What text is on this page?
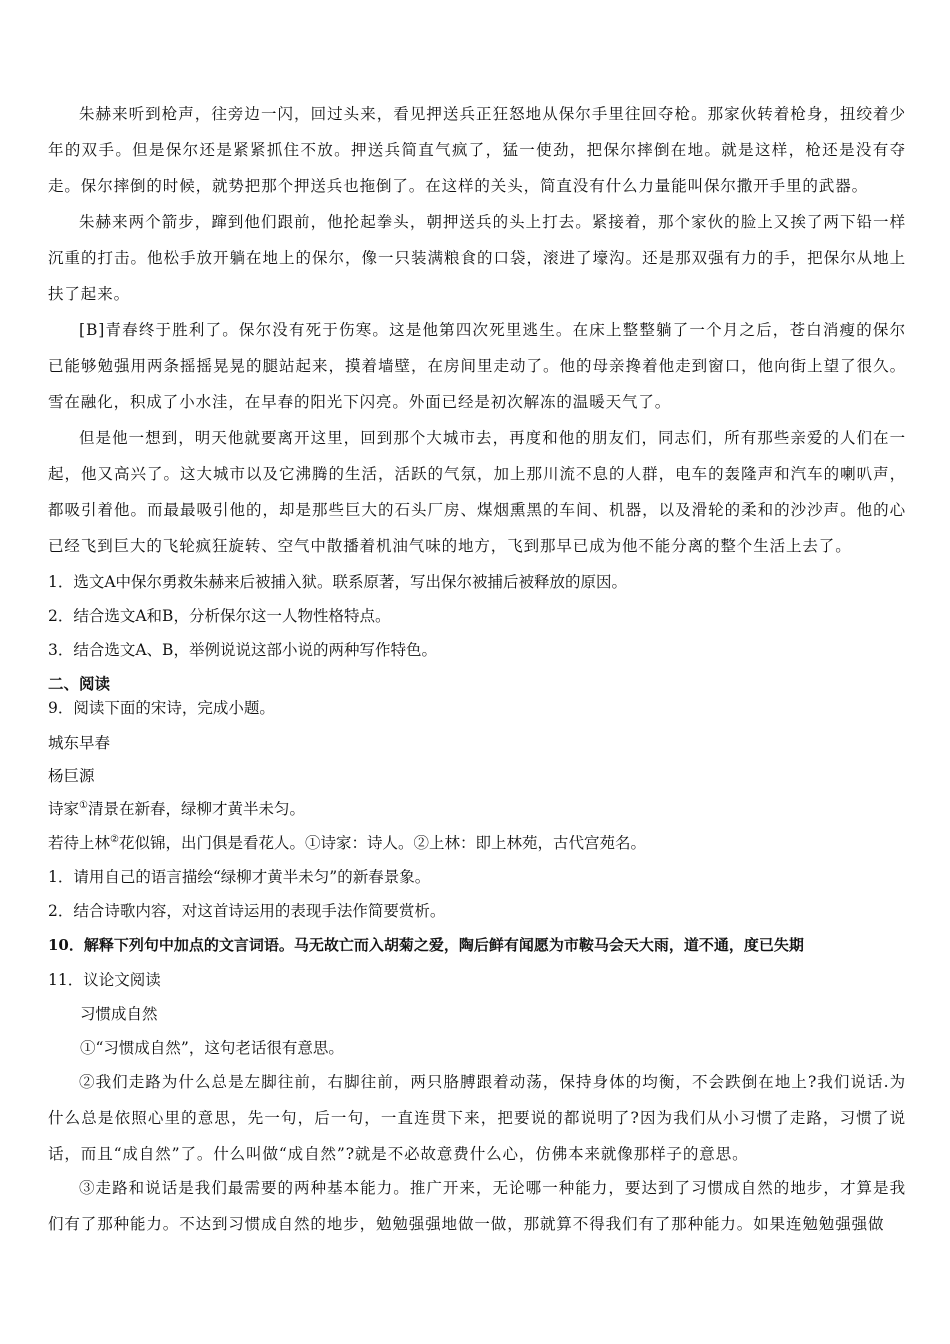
朱赫来听到枪声，往旁边一闪，回过头来，看见押送兵正狂怒地从保尔手里往回夺枪。那家伙转着枪身，扭绞着少年的双手。但是保尔还是紧紧抓住不放。押送兵简直气疯了，猛一使劲，把保尔摔倒在地。就是这样，枪还是没有夺走。保尔摔倒的时候，就势把那个押送兵也拖倒了。在这样的关头，简直没有什么力量能叫保尔撒开手里的武器。
朱赫来两个箭步，蹿到他们跟前，他抡起拳头，朝押送兵的头上打去。紧接着，那个家伙的脸上又挨了两下铅一样沉重的打击。他松手放开躺在地上的保尔，像一只装满粮食的口袋，滚进了壕沟。还是那双强有力的手，把保尔从地上扶了起来。
[B]青春终于胜利了。保尔没有死于伤寒。这是他第四次死里逃生。在床上整整躺了一个月之后，苍白消瘦的保尔已能够勉强用两条摇摇晃晃的腿站起来，摸着墙壁，在房间里走动了。他的母亲搀着他走到窗口，他向街上望了很久。雪在融化，积成了小水洼，在早春的阳光下闪亮。外面已经是初次解冻的温暖天气了。
但是他一想到，明天他就要离开这里，回到那个大城市去，再度和他的朋友们，同志们，所有那些亲爱的人们在一起，他又高兴了。这大城市以及它沸腾的生活，活跃的气氛，加上那川流不息的人群，电车的轰隆声和汽车的喇叭声，都吸引着他。而最最吸引他的，却是那些巨大的石头厂房、煤烟熏黑的车间、机器，以及滑轮的柔和的沙沙声。他的心已经飞到巨大的飞轮疯狂旋转、空气中散播着机油气味的地方，飞到那早已成为他不能分离的整个生活上去了。
1．选文A中保尔勇救朱赫来后被捕入狱。联系原著，写出保尔被捕后被释放的原因。
2．结合选文A和B，分析保尔这一人物性格特点。
3．结合选文A、B，举例说说这部小说的两种写作特色。
二、阅读
9．阅读下面的宋诗，完成小题。
城东早春
杨巨源
诗家①清景在新春，绿柳才黄半未匀。
若待上林②花似锦，出门俱是看花人。①诗家：诗人。②上林：即上林苑，古代宫苑名。
1．请用自己的语言描绘“绿柳才黄半未匀”的新春景象。
2．结合诗歌内容，对这首诗运用的表现手法作简要赏析。
10．解释下列句中加点的文言词语。马无故亡而入胡菊之爱，陶后鲜有闻愿为市鞍马会天大雨，道不通，度已失期
11．议论文阅读
习惯成自然
①“习惯成自然”，这句老话很有意思。
②我们走路为什么总是左脚往前，右脚往前，两只胳膊跟着动荡，保持身体的均衡，不会跌倒在地上?我们说话.为什么总是依照心里的意思，先一句，后一句，一直连贯下来，把要说的都说明了?因为我们从小习惯了走路，习惯了说话，而且“成自然”了。什么叫做“成自然”?就是不必故意费什么心，仿佛本来就像那样子的意思。
③走路和说话是我们最需要的两种基本能力。推广开来，无论哪一种能力，要达到了习惯成自然的地步，才算是我们有了那种能力。不达到习惯成自然的地步，勉勉强强地做一做，那就算不得我们有了那种能力。如果连勉勉强强做
